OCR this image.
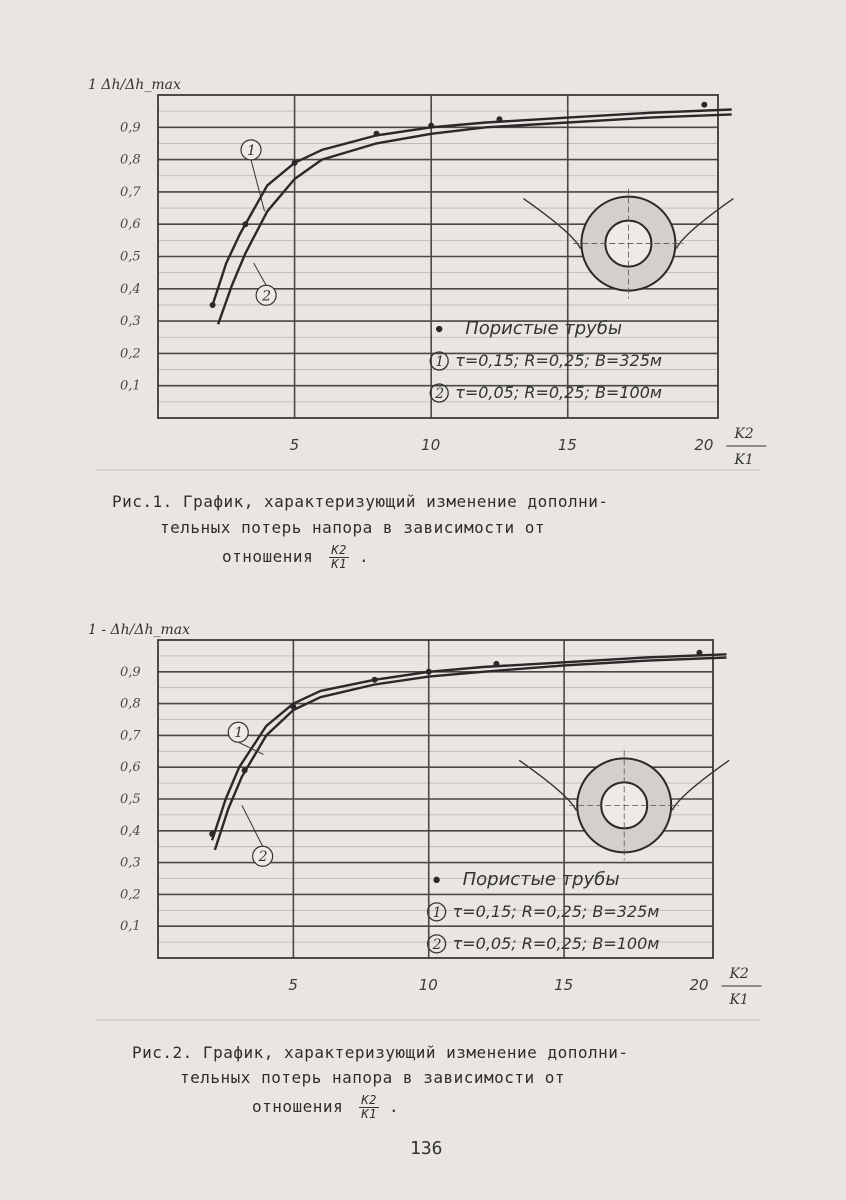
0,1
0,2
0,3
0,4
0,5
0,6
0,7
0,8
0,9
5	10	15	20
K2
K1
1 Δh/Δh_max
1
2
Пористые трубы
1 τ=0,15; R=0,25; B=325м
2 τ=0,05; R=0,25; B=100м
0,1
0,2
0,3
0,4
0,5
0,6
0,7
0,8
0,9
5	10	15	20
K2
K1
1 - Δh/Δh_max
1
2
Пористые трубы
1 τ=0,15; R=0,25; B=325м
2 τ=0,05; R=0,25; B=100м
Рис.1. График, характеризующий изменение дополни-
тельных потерь напора в зависимости от
отношения $\frac{K2}{K1}$ .
Рис.2. График, характеризующий изменение дополни-
тельных потерь напора в зависимости от
отношения $\frac{K2}{K1}$ .
136
